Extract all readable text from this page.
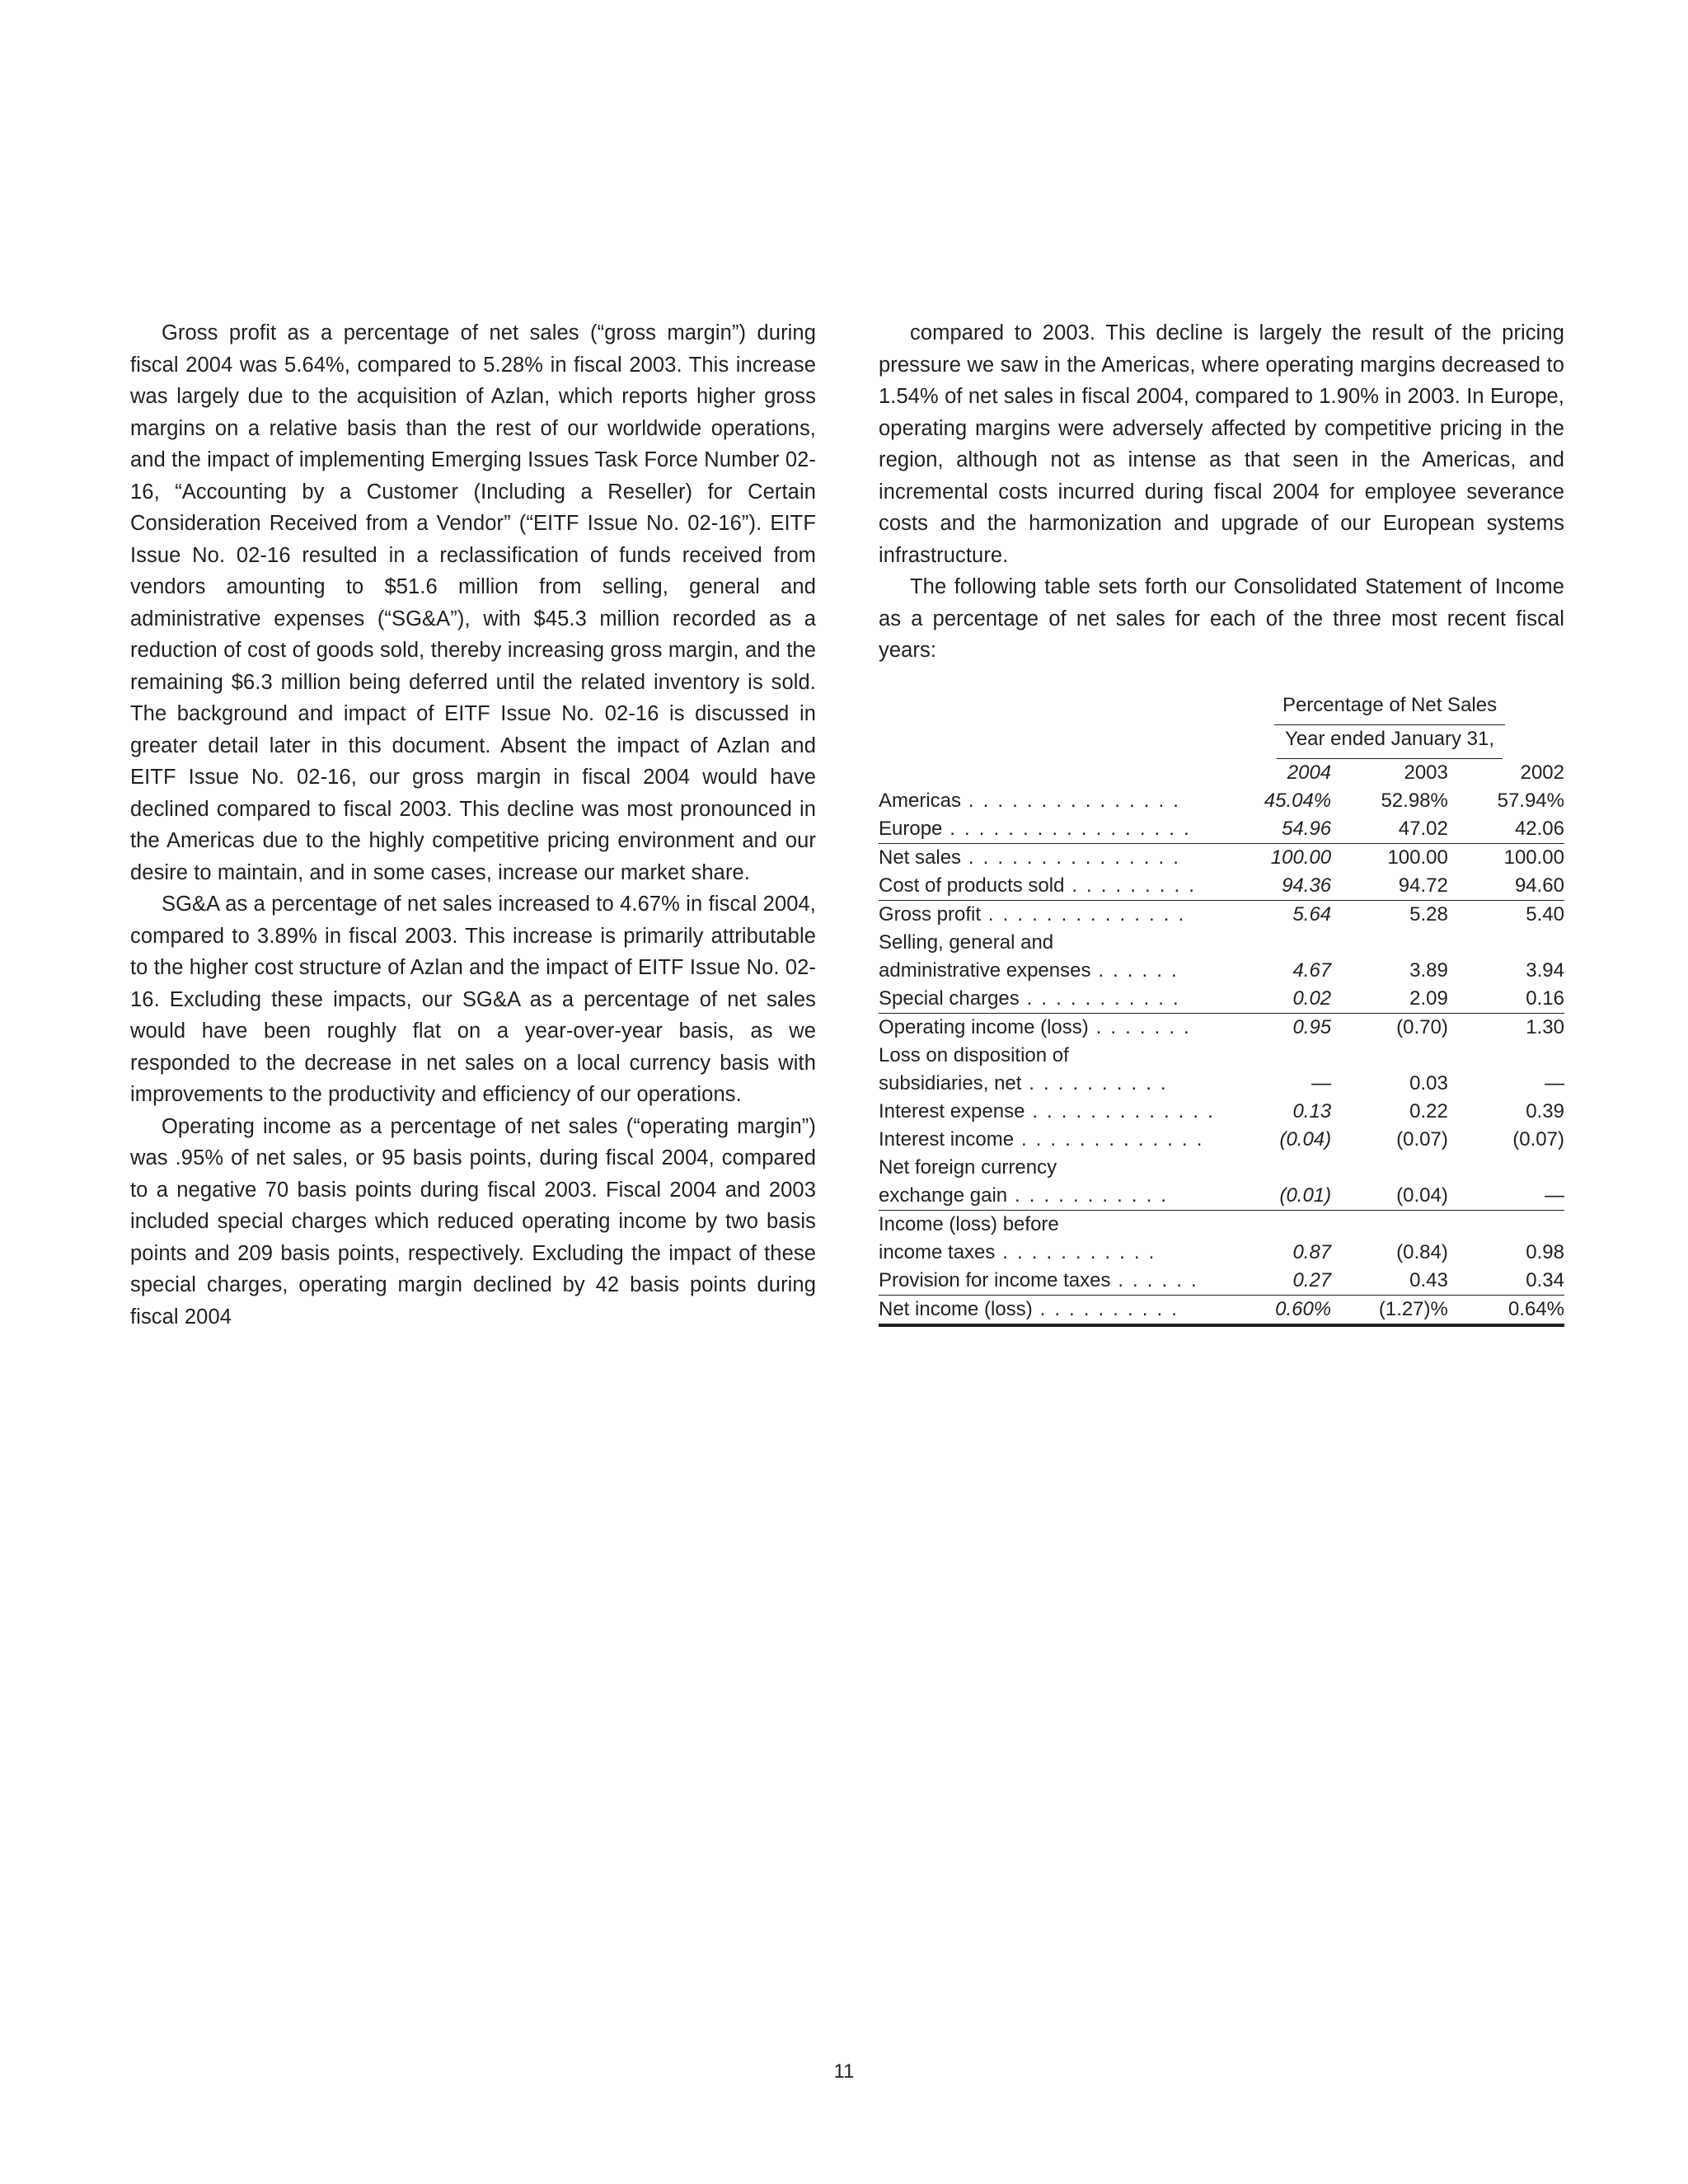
Gross profit as a percentage of net sales (“gross margin”) during fiscal 2004 was 5.64%, compared to 5.28% in fiscal 2003. This increase was largely due to the acquisition of Azlan, which reports higher gross margins on a relative basis than the rest of our worldwide operations, and the impact of implementing Emerging Issues Task Force Number 02-16, “Accounting by a Customer (Including a Reseller) for Certain Consideration Received from a Vendor” (“EITF Issue No. 02-16”). EITF Issue No. 02-16 resulted in a reclassification of funds received from vendors amounting to $51.6 million from selling, general and administrative expenses (“SG&A”), with $45.3 million recorded as a reduction of cost of goods sold, thereby increasing gross margin, and the remaining $6.3 million being deferred until the related inventory is sold. The background and impact of EITF Issue No. 02-16 is discussed in greater detail later in this document. Absent the impact of Azlan and EITF Issue No. 02-16, our gross margin in fiscal 2004 would have declined compared to fiscal 2003. This decline was most pronounced in the Americas due to the highly competitive pricing environment and our desire to maintain, and in some cases, increase our market share.

SG&A as a percentage of net sales increased to 4.67% in fiscal 2004, compared to 3.89% in fiscal 2003. This increase is primarily attributable to the higher cost structure of Azlan and the impact of EITF Issue No. 02-16. Excluding these impacts, our SG&A as a percentage of net sales would have been roughly flat on a year-over-year basis, as we responded to the decrease in net sales on a local currency basis with improvements to the productivity and efficiency of our operations.

Operating income as a percentage of net sales (“operating margin”) was .95% of net sales, or 95 basis points, during fiscal 2004, compared to a negative 70 basis points during fiscal 2003. Fiscal 2004 and 2003 included special charges which reduced operating income by two basis points and 209 basis points, respectively. Excluding the impact of these special charges, operating margin declined by 42 basis points during fiscal 2004

compared to 2003. This decline is largely the result of the pricing pressure we saw in the Americas, where operating margins decreased to 1.54% of net sales in fiscal 2004, compared to 1.90% in 2003. In Europe, operating margins were adversely affected by competitive pricing in the region, although not as intense as that seen in the Americas, and incremental costs incurred during fiscal 2004 for employee severance costs and the harmonization and upgrade of our European systems infrastructure.

The following table sets forth our Consolidated Statement of Income as a percentage of net sales for each of the three most recent fiscal years:

	Percentage of Net Sales		
	Year ended January 31,		
	2004	2003	2002
Americas . . . . . . . . . . . . . . .	45.04%	52.98%	57.94%
Europe . . . . . . . . . . . . . . . . .	54.96	47.02	42.06
Net sales . . . . . . . . . . . . . . .	100.00	100.00	100.00
Cost of products sold . . . . . . . . .	94.36	94.72	94.60
Gross profit . . . . . . . . . . . . . .	5.64	5.28	5.40
Selling, general and			
administrative expenses . . . . . .	4.67	3.89	3.94
Special charges . . . . . . . . . . .	0.02	2.09	0.16
Operating income (loss) . . . . . . .	0.95	(0.70)	1.30
Loss on disposition of			
subsidiaries, net . . . . . . . . . .	—	0.03	—
Interest expense . . . . . . . . . . . . .	0.13	0.22	0.39
Interest income . . . . . . . . . . . . .	(0.04)	(0.07)	(0.07)
Net foreign currency			
exchange gain . . . . . . . . . . .	(0.01)	(0.04)	—
Income (loss) before			
income taxes . . . . . . . . . . .	0.87	(0.84)	0.98
Provision for income taxes . . . . . .	0.27	0.43	0.34
Net income (loss) . . . . . . . . . .	0.60%	(1.27)%	0.64%
11
